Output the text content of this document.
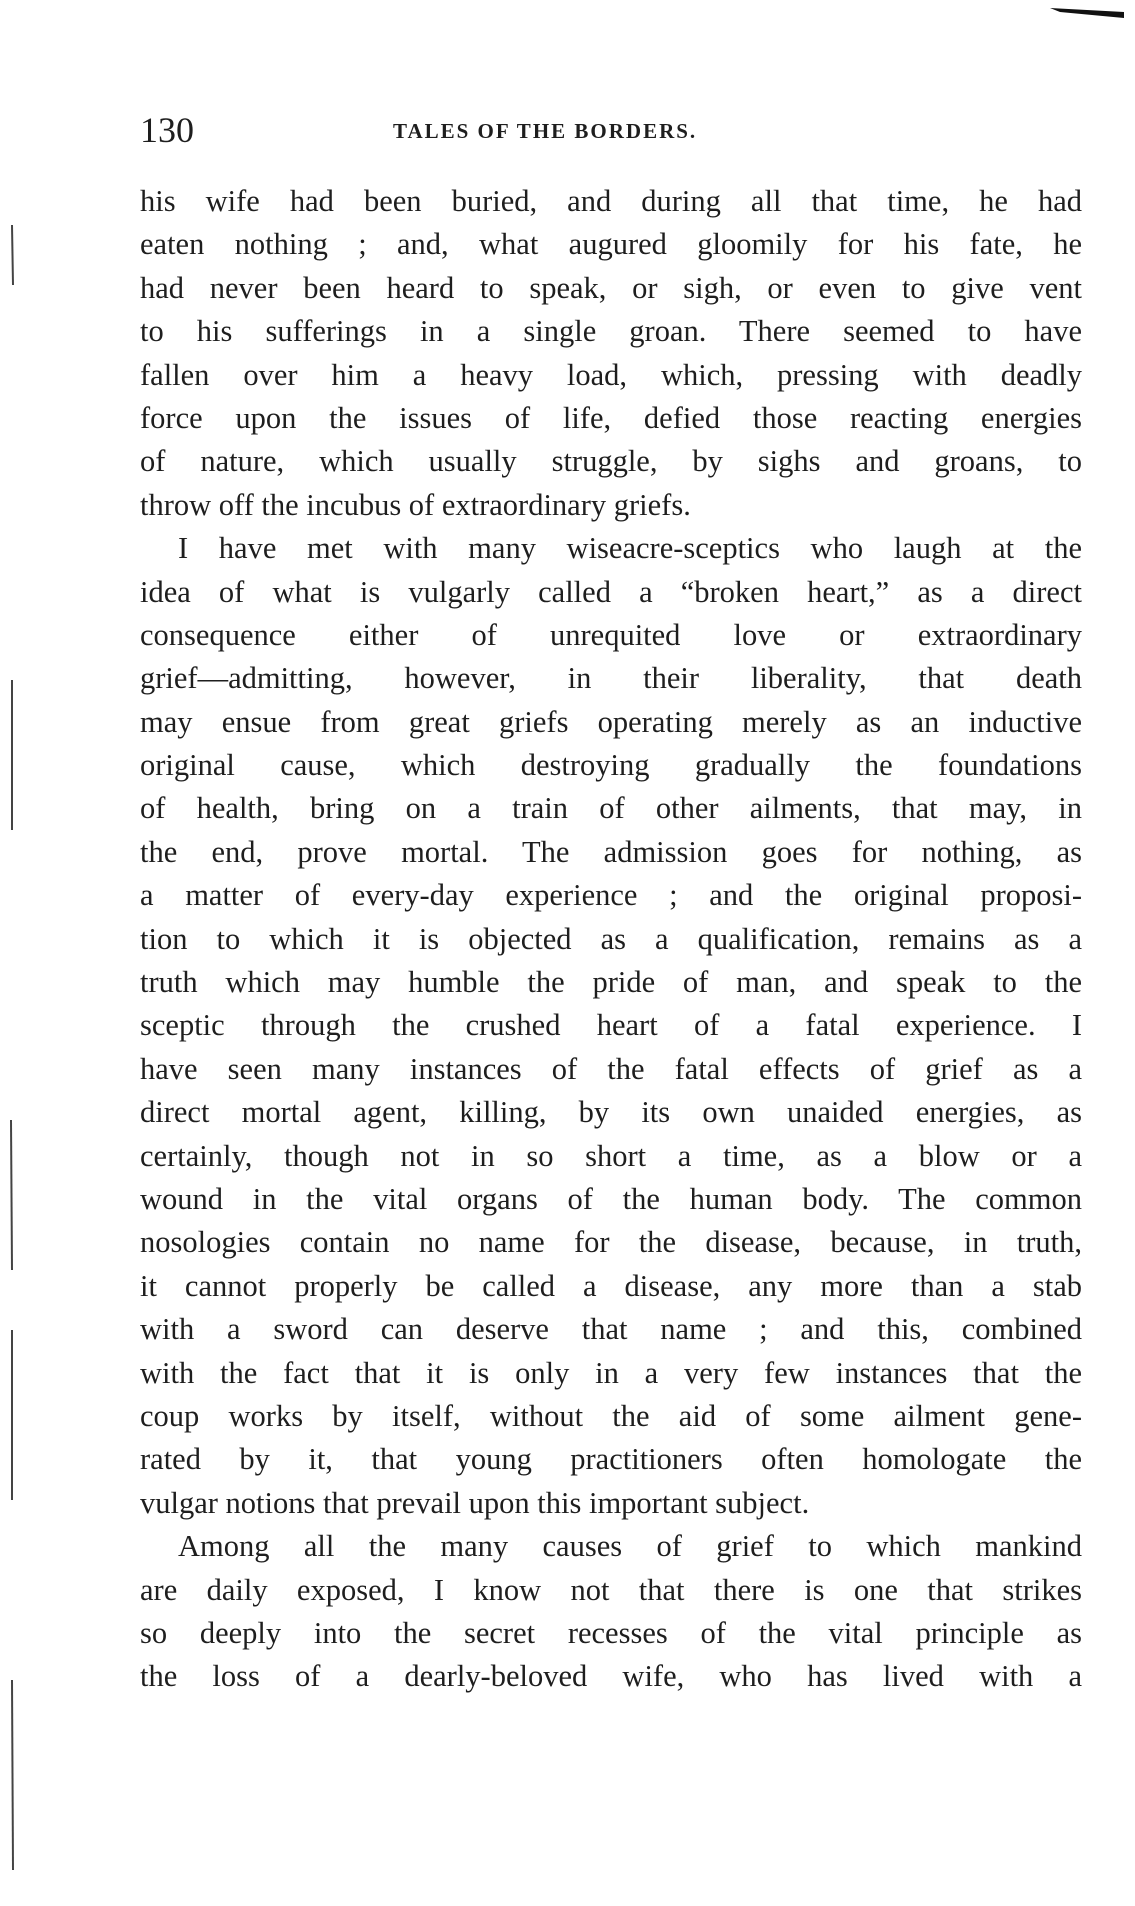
130	TALES OF THE BORDERS.
his wife had been buried, and during all that time, he had
eaten nothing ; and, what augured gloomily for his fate, he
had never been heard to speak, or sigh, or even to give vent
to his sufferings in a single groan. There seemed to have
fallen over him a heavy load, which, pressing with deadly
force upon the issues of life, defied those reacting energies
of nature, which usually struggle, by sighs and groans, to
throw off the incubus of extraordinary griefs.
I have met with many wiseacre-sceptics who laugh at the
idea of what is vulgarly called a “broken heart,” as a direct
consequence either of unrequited love or extraordinary
grief—admitting, however, in their liberality, that death
may ensue from great griefs operating merely as an inductive
original cause, which destroying gradually the foundations
of health, bring on a train of other ailments, that may, in
the end, prove mortal. The admission goes for nothing, as
a matter of every-day experience ; and the original proposi-
tion to which it is objected as a qualification, remains as a
truth which may humble the pride of man, and speak to the
sceptic through the crushed heart of a fatal experience. I
have seen many instances of the fatal effects of grief as a
direct mortal agent, killing, by its own unaided energies, as
certainly, though not in so short a time, as a blow or a
wound in the vital organs of the human body. The common
nosologies contain no name for the disease, because, in truth,
it cannot properly be called a disease, any more than a stab
with a sword can deserve that name ; and this, combined
with the fact that it is only in a very few instances that the
coup works by itself, without the aid of some ailment gene-
rated by it, that young practitioners often homologate the
vulgar notions that prevail upon this important subject.
Among all the many causes of grief to which mankind
are daily exposed, I know not that there is one that strikes
so deeply into the secret recesses of the vital principle as
the loss of a dearly-beloved wife, who has lived with a
